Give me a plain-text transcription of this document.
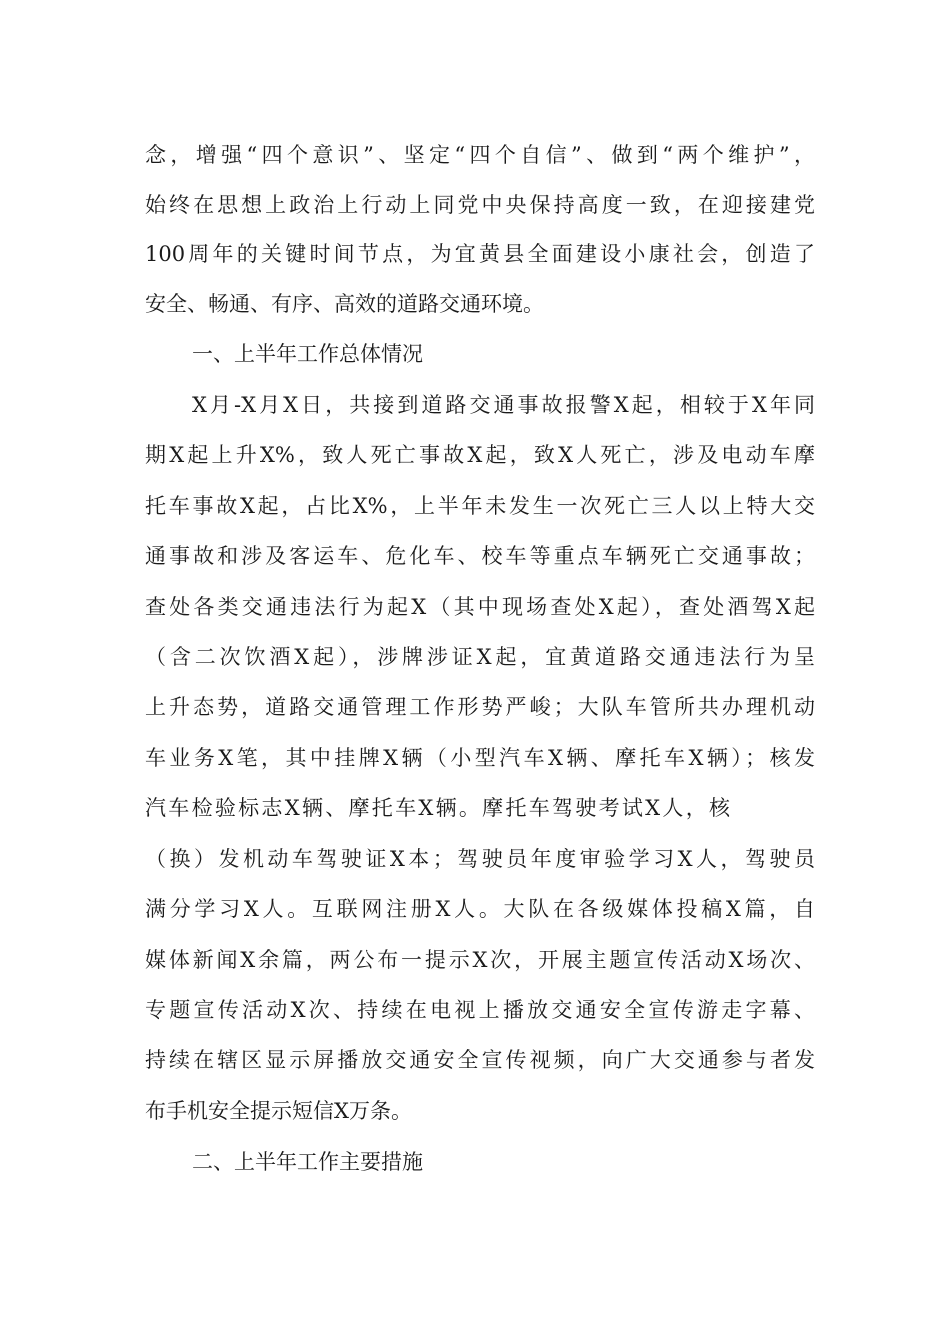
念，增强“四个意识”、坚定“四个自信”、做到“两个维护”，
始终在思想上政治上行动上同党中央保持高度一致，在迎接建党
100周年的关键时间节点，为宜黄县全面建设小康社会，创造了
安全、畅通、有序、高效的道路交通环境。
一、上半年工作总体情况
X月-X月X日，共接到道路交通事故报警X起，相较于X年同
期X起上升X%，致人死亡事故X起，致X人死亡，涉及电动车摩
托车事故X起，占比X%，上半年未发生一次死亡三人以上特大交
通事故和涉及客运车、危化车、校车等重点车辆死亡交通事故；
查处各类交通违法行为起X（其中现场查处X起），查处酒驾X起
（含二次饮酒X起），涉牌涉证X起，宜黄道路交通违法行为呈
上升态势，道路交通管理工作形势严峻；大队车管所共办理机动
车业务X笔，其中挂牌X辆（小型汽车X辆、摩托车X辆）；核发
汽车检验标志X辆、摩托车X辆。摩托车驾驶考试X人，核
（换）发机动车驾驶证X本；驾驶员年度审验学习X人，驾驶员
满分学习X人。互联网注册X人。大队在各级媒体投稿X篇，自
媒体新闻X余篇，两公布一提示X次，开展主题宣传活动X场次、
专题宣传活动X次、持续在电视上播放交通安全宣传游走字幕、
持续在辖区显示屏播放交通安全宣传视频，向广大交通参与者发
布手机安全提示短信X万条。
二、上半年工作主要措施
